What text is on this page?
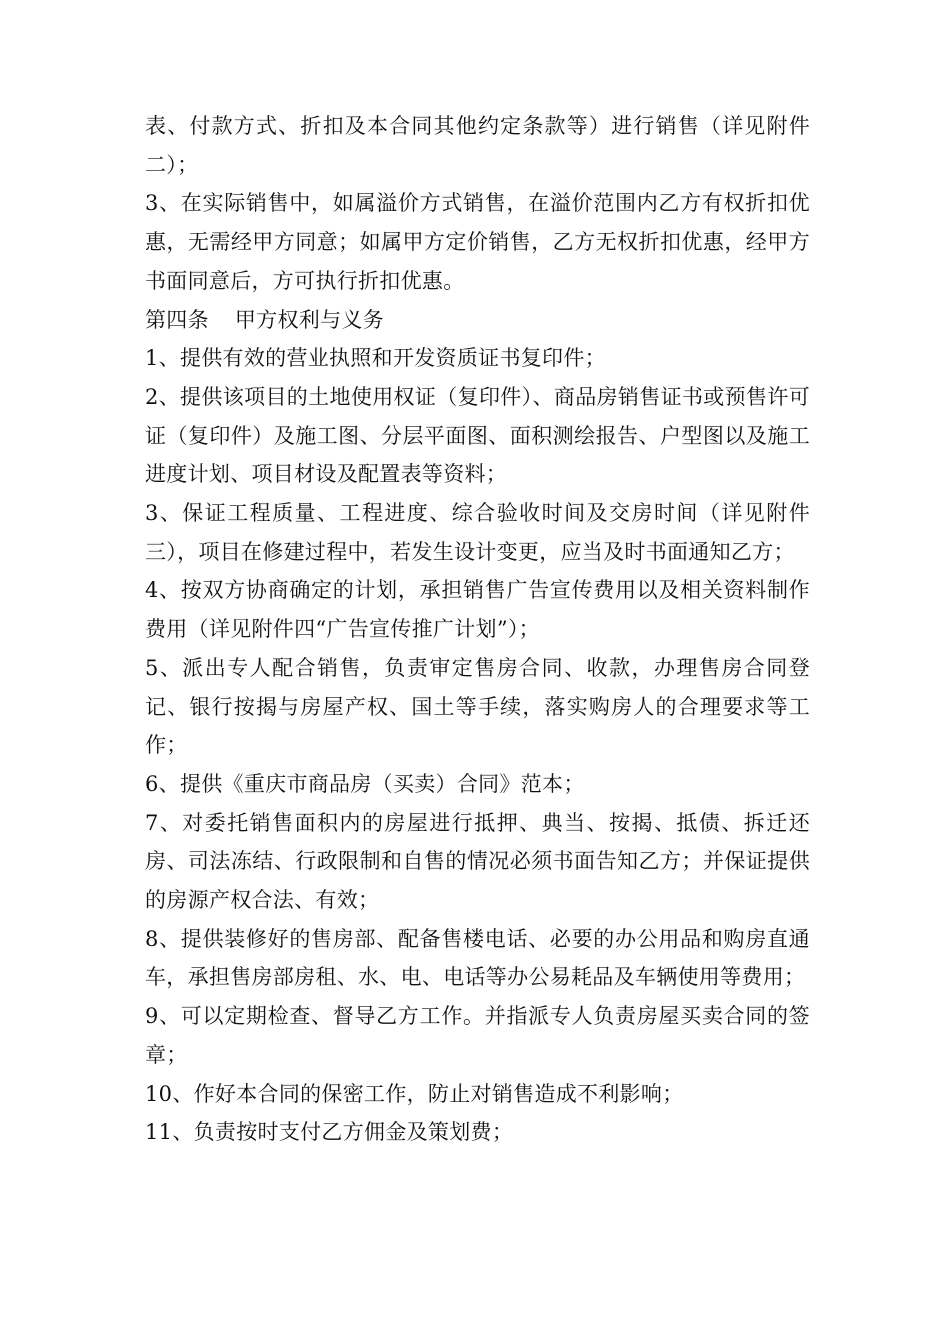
表、付款方式、折扣及本合同其他约定条款等）进行销售（详见附件二）；

3、在实际销售中，如属溢价方式销售，在溢价范围内乙方有权折扣优惠，无需经甲方同意；如属甲方定价销售，乙方无权折扣优惠，经甲方书面同意后，方可执行折扣优惠。

第四条 甲方权利与义务

1、提供有效的营业执照和开发资质证书复印件；

2、提供该项目的土地使用权证（复印件）、商品房销售证书或预售许可证（复印件）及施工图、分层平面图、面积测绘报告、户型图以及施工进度计划、项目材设及配置表等资料；

3、保证工程质量、工程进度、综合验收时间及交房时间（详见附件三），项目在修建过程中，若发生设计变更，应当及时书面通知乙方；

4、按双方协商确定的计划，承担销售广告宣传费用以及相关资料制作费用（详见附件四“广告宣传推广计划”）；

5、派出专人配合销售，负责审定售房合同、收款，办理售房合同登记、银行按揭与房屋产权、国土等手续，落实购房人的合理要求等工作；

6、提供《重庆市商品房（买卖）合同》范本；

7、对委托销售面积内的房屋进行抵押、典当、按揭、抵债、拆迁还房、司法冻结、行政限制和自售的情况必须书面告知乙方；并保证提供的房源产权合法、有效；

8、提供装修好的售房部、配备售楼电话、必要的办公用品和购房直通车，承担售房部房租、水、电、电话等办公易耗品及车辆使用等费用；

9、可以定期检查、督导乙方工作。并指派专人负责房屋买卖合同的签章；

10、作好本合同的保密工作，防止对销售造成不利影响；

11、负责按时支付乙方佣金及策划费；
